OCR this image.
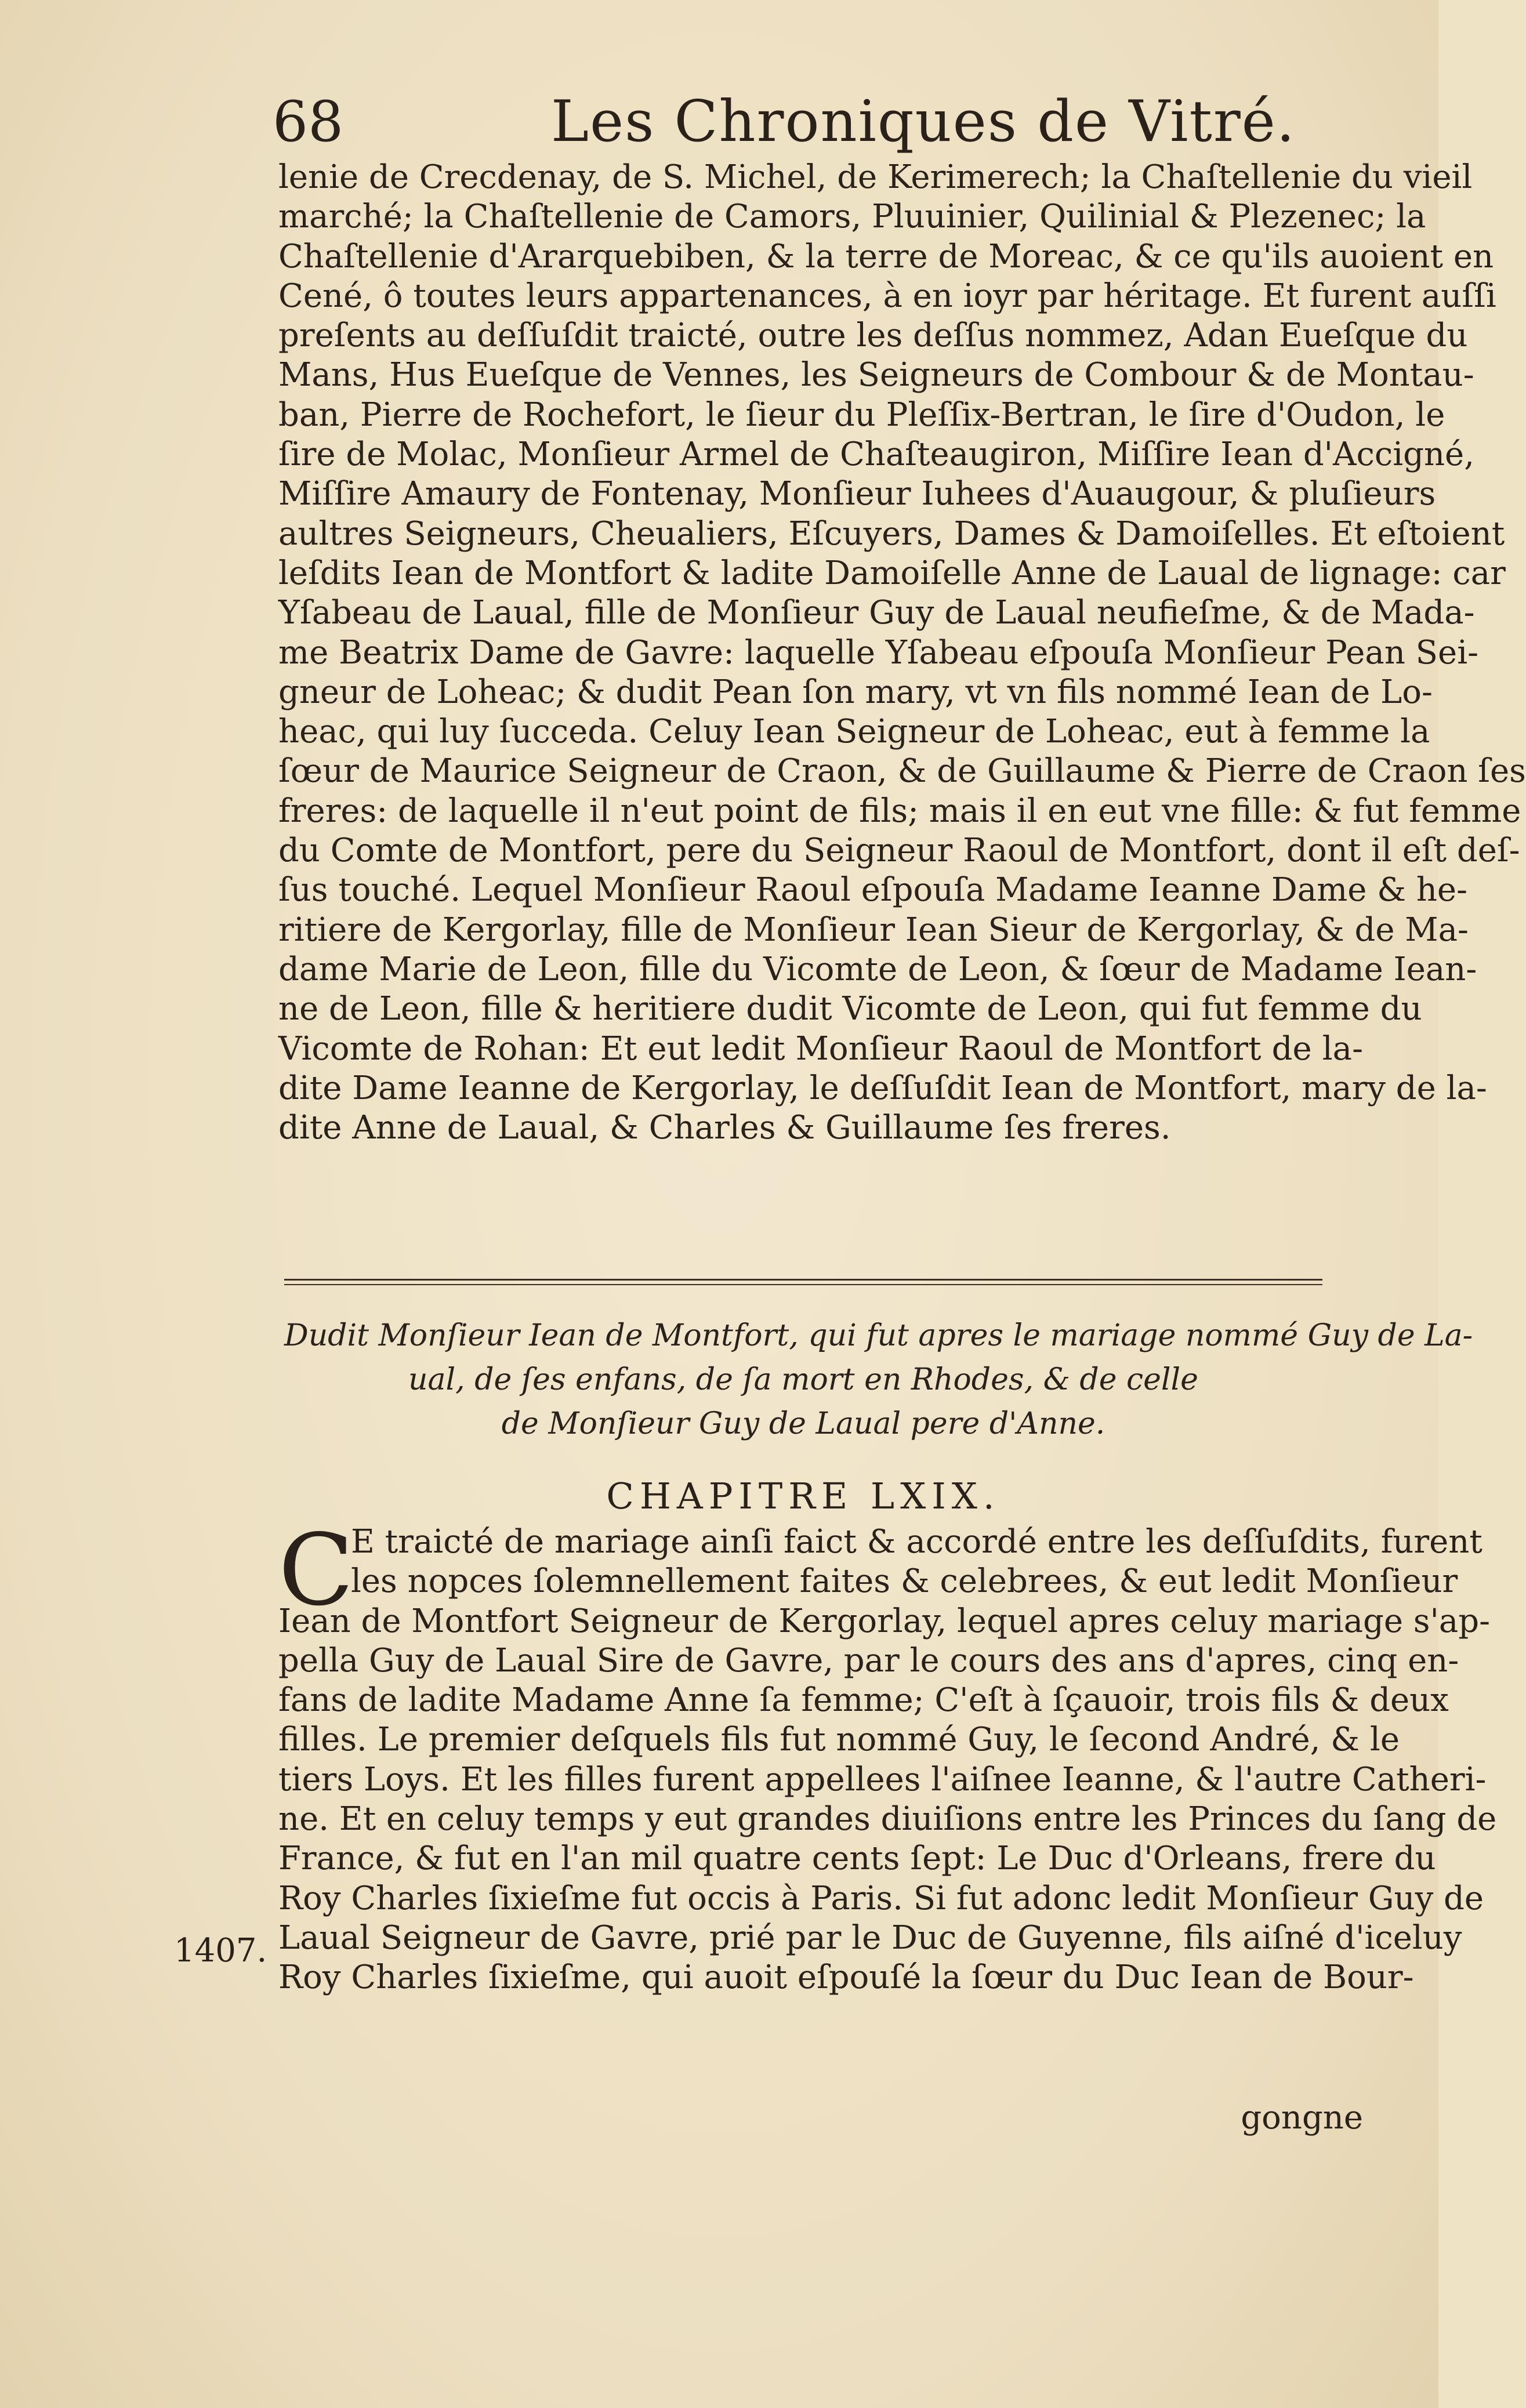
68	Les Chroniques de Vitré.
lenie de Crecdenay, de S. Michel, de Kerimerech; la Chaſtellenie du vieil
marché; la Chaſtellenie de Camors, Pluuinier, Quilinial & Plezenec; la
Chaſtellenie d'Ararquebiben, & la terre de Moreac, & ce qu'ils auoient en
Cené, ô toutes leurs appartenances, à en ioyr par héritage. Et furent auſſi
preſents au deſſuſdit traicté, outre les deſſus nommez, Adan Eueſque du
Mans, Hus Eueſque de Vennes, les Seigneurs de Combour & de Montau-
ban, Pierre de Rochefort, le ſieur du Pleſſix-Bertran, le ſire d'Oudon, le
ſire de Molac, Monſieur Armel de Chaſteaugiron, Miſſire Iean d'Accigné,
Miſſire Amaury de Fontenay, Monſieur Iuhees d'Auaugour, & pluſieurs
aultres Seigneurs, Cheualiers, Eſcuyers, Dames & Damoiſelles. Et eſtoient
leſdits Iean de Montfort & ladite Damoiſelle Anne de Laual de lignage: car
Yſabeau de Laual, fille de Monſieur Guy de Laual neufieſme, & de Mada-
me Beatrix Dame de Gavre: laquelle Yſabeau eſpouſa Monſieur Pean Sei-
gneur de Loheac; & dudit Pean ſon mary, vt vn fils nommé Iean de Lo-
heac, qui luy ſucceda. Celuy Iean Seigneur de Loheac, eut à femme la
ſœur de Maurice Seigneur de Craon, & de Guillaume & Pierre de Craon ſes
freres: de laquelle il n'eut point de fils; mais il en eut vne fille: & fut femme
du Comte de Montfort, pere du Seigneur Raoul de Montfort, dont il eſt deſ-
ſus touché. Lequel Monſieur Raoul eſpouſa Madame Ieanne Dame & he-
ritiere de Kergorlay, fille de Monſieur Iean Sieur de Kergorlay, & de Ma-
dame Marie de Leon, fille du Vicomte de Leon, & ſœur de Madame Iean-
ne de Leon, fille & heritiere dudit Vicomte de Leon, qui fut femme du
Vicomte de Rohan: Et eut ledit Monſieur Raoul de Montfort de la-
dite Dame Ieanne de Kergorlay, le deſſuſdit Iean de Montfort, mary de la-
dite Anne de Laual, & Charles & Guillaume ſes freres.
Dudit Monſieur Iean de Montfort, qui fut apres le mariage nommé Guy de La-
ual, de ſes enfans, de ſa mort en Rhodes, & de celle
de Monſieur Guy de Laual pere d'Anne.
CHAPITRE LXIX.
C
E traicté de mariage ainſi faict & accordé entre les deſſuſdits, furent
les nopces ſolemnellement faites & celebrees, & eut ledit Monſieur
Iean de Montfort Seigneur de Kergorlay, lequel apres celuy mariage s'ap-
pella Guy de Laual Sire de Gavre, par le cours des ans d'apres, cinq en-
fans de ladite Madame Anne ſa femme; C'eſt à ſçauoir, trois fils & deux
filles. Le premier deſquels fils fut nommé Guy, le ſecond André, & le
tiers Loys. Et les filles furent appellees l'aiſnee Ieanne, & l'autre Catheri-
ne. Et en celuy temps y eut grandes diuiſions entre les Princes du ſang de
France, & fut en l'an mil quatre cents ſept: Le Duc d'Orleans, frere du
Roy Charles ſixieſme fut occis à Paris. Si fut adonc ledit Monſieur Guy de
Laual Seigneur de Gavre, prié par le Duc de Guyenne, fils aiſné d'iceluy
Roy Charles ſixieſme, qui auoit eſpouſé la ſœur du Duc Iean de Bour-
1407.
gongne
